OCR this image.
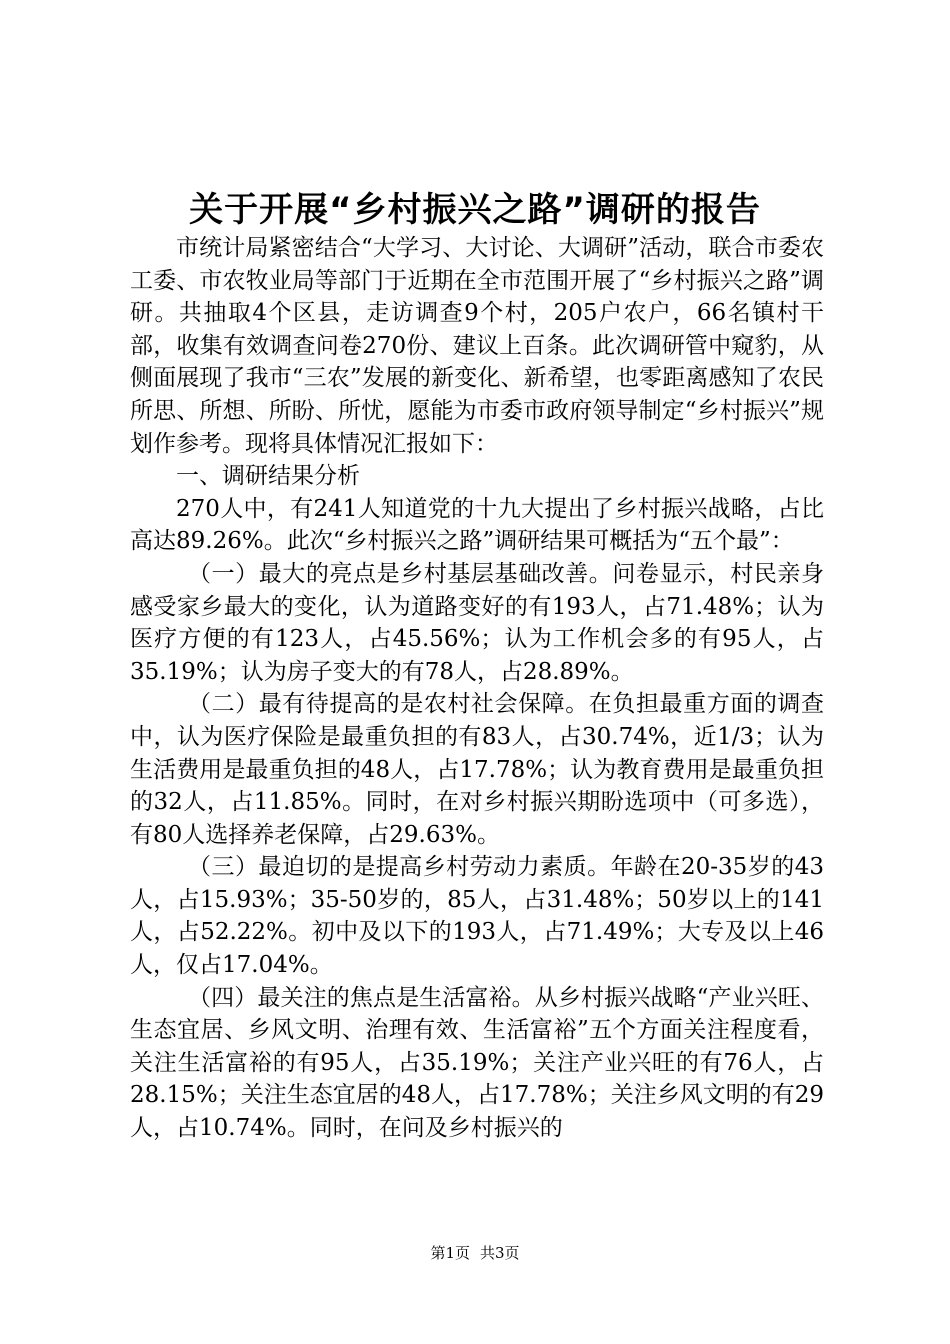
关于开展“乡村振兴之路”调研的报告

市统计局紧密结合“大学习、大讨论、大调研”活动，联合市委农工委、市农牧业局等部门于近期在全市范围开展了“乡村振兴之路”调研。共抽取4个区县，走访调查9个村，205户农户，66名镇村干部，收集有效调查问卷270份、建议上百条。此次调研管中窥豹，从侧面展现了我市“三农”发展的新变化、新希望，也零距离感知了农民所思、所想、所盼、所忧，愿能为市委市政府领导制定“乡村振兴”规划作参考。现将具体情况汇报如下：

一、调研结果分析

270人中，有241人知道党的十九大提出了乡村振兴战略，占比高达89.26%。此次“乡村振兴之路”调研结果可概括为“五个最”：

（一）最大的亮点是乡村基层基础改善。问卷显示，村民亲身感受家乡最大的变化，认为道路变好的有193人，占71.48%；认为医疗方便的有123人，占45.56%；认为工作机会多的有95人，占35.19%；认为房子变大的有78人，占28.89%。

（二）最有待提高的是农村社会保障。在负担最重方面的调查中，认为医疗保险是最重负担的有83人，占30.74%，近1/3；认为生活费用是最重负担的48人，占17.78%；认为教育费用是最重负担的32人，占11.85%。同时，在对乡村振兴期盼选项中（可多选），有80人选择养老保障，占29.63%。

（三）最迫切的是提高乡村劳动力素质。年龄在20-35岁的43人，占15.93%；35-50岁的，85人，占31.48%；50岁以上的141人，占52.22%。初中及以下的193人，占71.49%；大专及以上46人，仅占17.04%。

（四）最关注的焦点是生活富裕。从乡村振兴战略“产业兴旺、生态宜居、乡风文明、治理有效、生活富裕”五个方面关注程度看，关注生活富裕的有95人，占35.19%；关注产业兴旺的有76人，占28.15%；关注生态宜居的48人，占17.78%；关注乡风文明的有29人，占10.74%。同时，在问及乡村振兴的

第1页 共3页
